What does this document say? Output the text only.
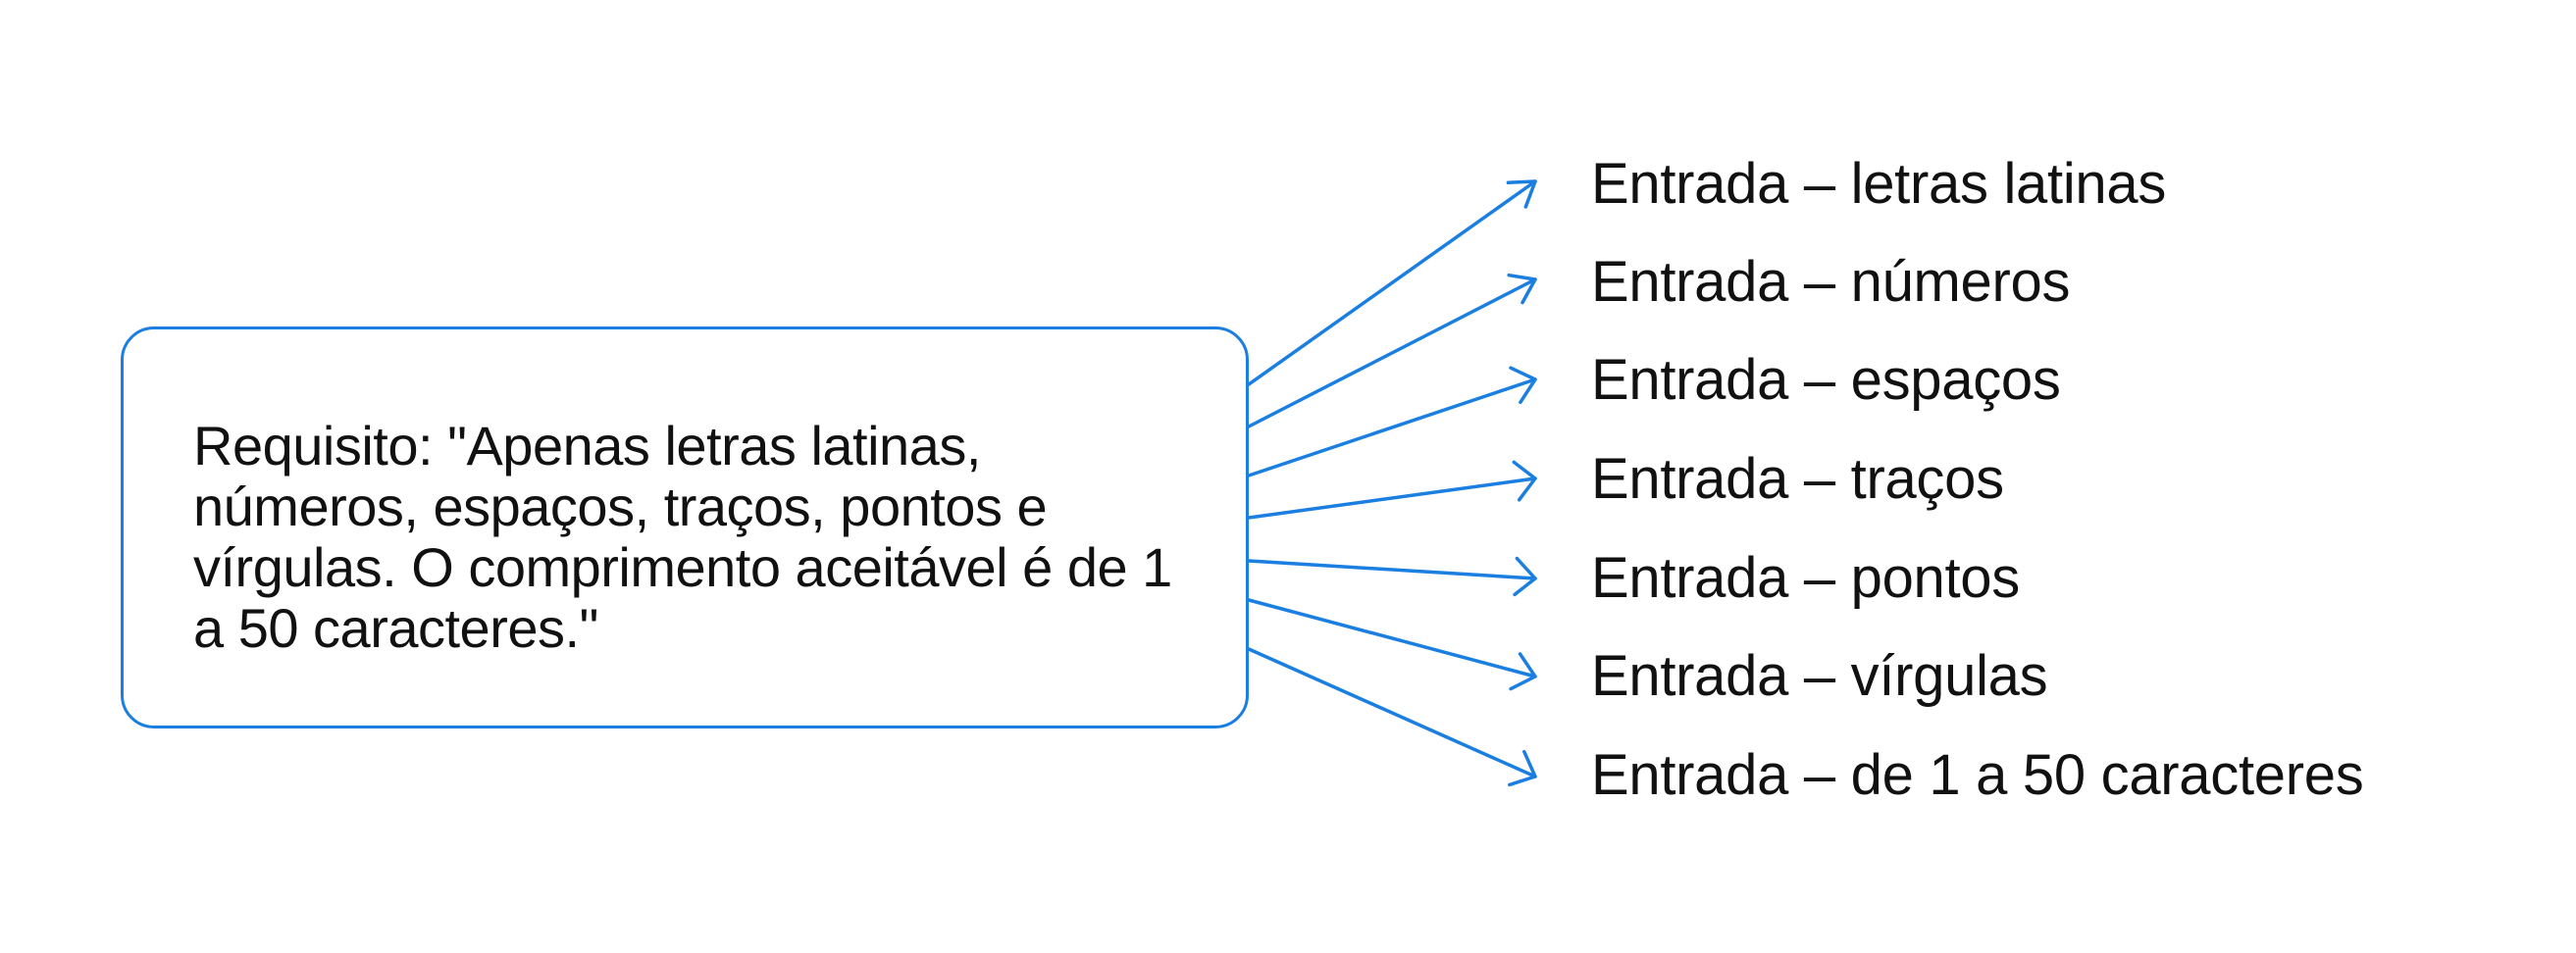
Requisito: "Apenas letras latinas, números, espaços, traços, pontos e vírgulas. O comprimento aceitável é de 1 a 50 caracteres."

Entrada – letras latinas
Entrada – números
Entrada – espaços
Entrada – traços
Entrada – pontos
Entrada – vírgulas
Entrada – de 1 a 50 caracteres
